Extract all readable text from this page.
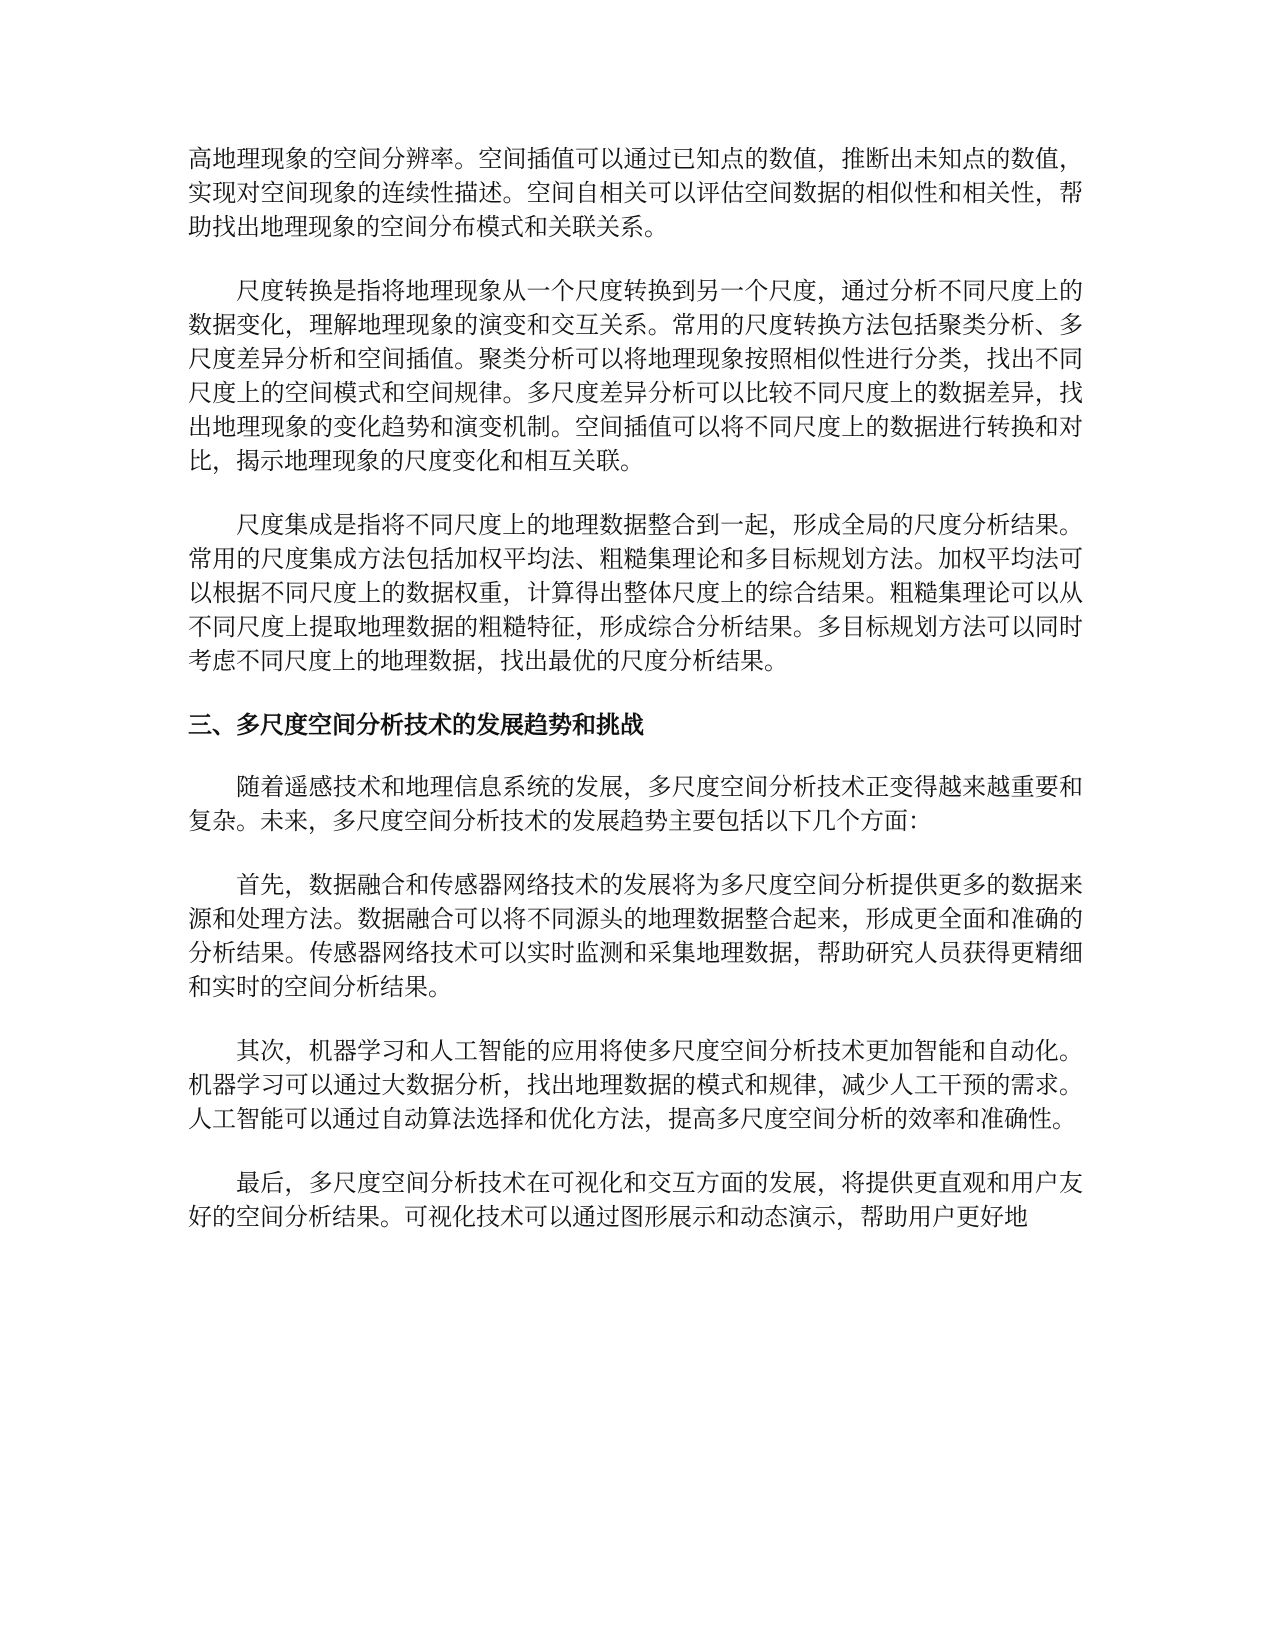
高地理现象的空间分辨率。空间插值可以通过已知点的数值，推断出未知点的数值，实现对空间现象的连续性描述。空间自相关可以评估空间数据的相似性和相关性，帮助找出地理现象的空间分布模式和关联关系。

尺度转换是指将地理现象从一个尺度转换到另一个尺度，通过分析不同尺度上的数据变化，理解地理现象的演变和交互关系。常用的尺度转换方法包括聚类分析、多尺度差异分析和空间插值。聚类分析可以将地理现象按照相似性进行分类，找出不同尺度上的空间模式和空间规律。多尺度差异分析可以比较不同尺度上的数据差异，找出地理现象的变化趋势和演变机制。空间插值可以将不同尺度上的数据进行转换和对比，揭示地理现象的尺度变化和相互关联。

尺度集成是指将不同尺度上的地理数据整合到一起，形成全局的尺度分析结果。常用的尺度集成方法包括加权平均法、粗糙集理论和多目标规划方法。加权平均法可以根据不同尺度上的数据权重，计算得出整体尺度上的综合结果。粗糙集理论可以从不同尺度上提取地理数据的粗糙特征，形成综合分析结果。多目标规划方法可以同时考虑不同尺度上的地理数据，找出最优的尺度分析结果。

三、多尺度空间分析技术的发展趋势和挑战

随着遥感技术和地理信息系统的发展，多尺度空间分析技术正变得越来越重要和复杂。未来，多尺度空间分析技术的发展趋势主要包括以下几个方面：

首先，数据融合和传感器网络技术的发展将为多尺度空间分析提供更多的数据来源和处理方法。数据融合可以将不同源头的地理数据整合起来，形成更全面和准确的分析结果。传感器网络技术可以实时监测和采集地理数据，帮助研究人员获得更精细和实时的空间分析结果。

其次，机器学习和人工智能的应用将使多尺度空间分析技术更加智能和自动化。机器学习可以通过大数据分析，找出地理数据的模式和规律，减少人工干预的需求。人工智能可以通过自动算法选择和优化方法，提高多尺度空间分析的效率和准确性。

最后，多尺度空间分析技术在可视化和交互方面的发展，将提供更直观和用户友好的空间分析结果。可视化技术可以通过图形展示和动态演示，帮助用户更好地
